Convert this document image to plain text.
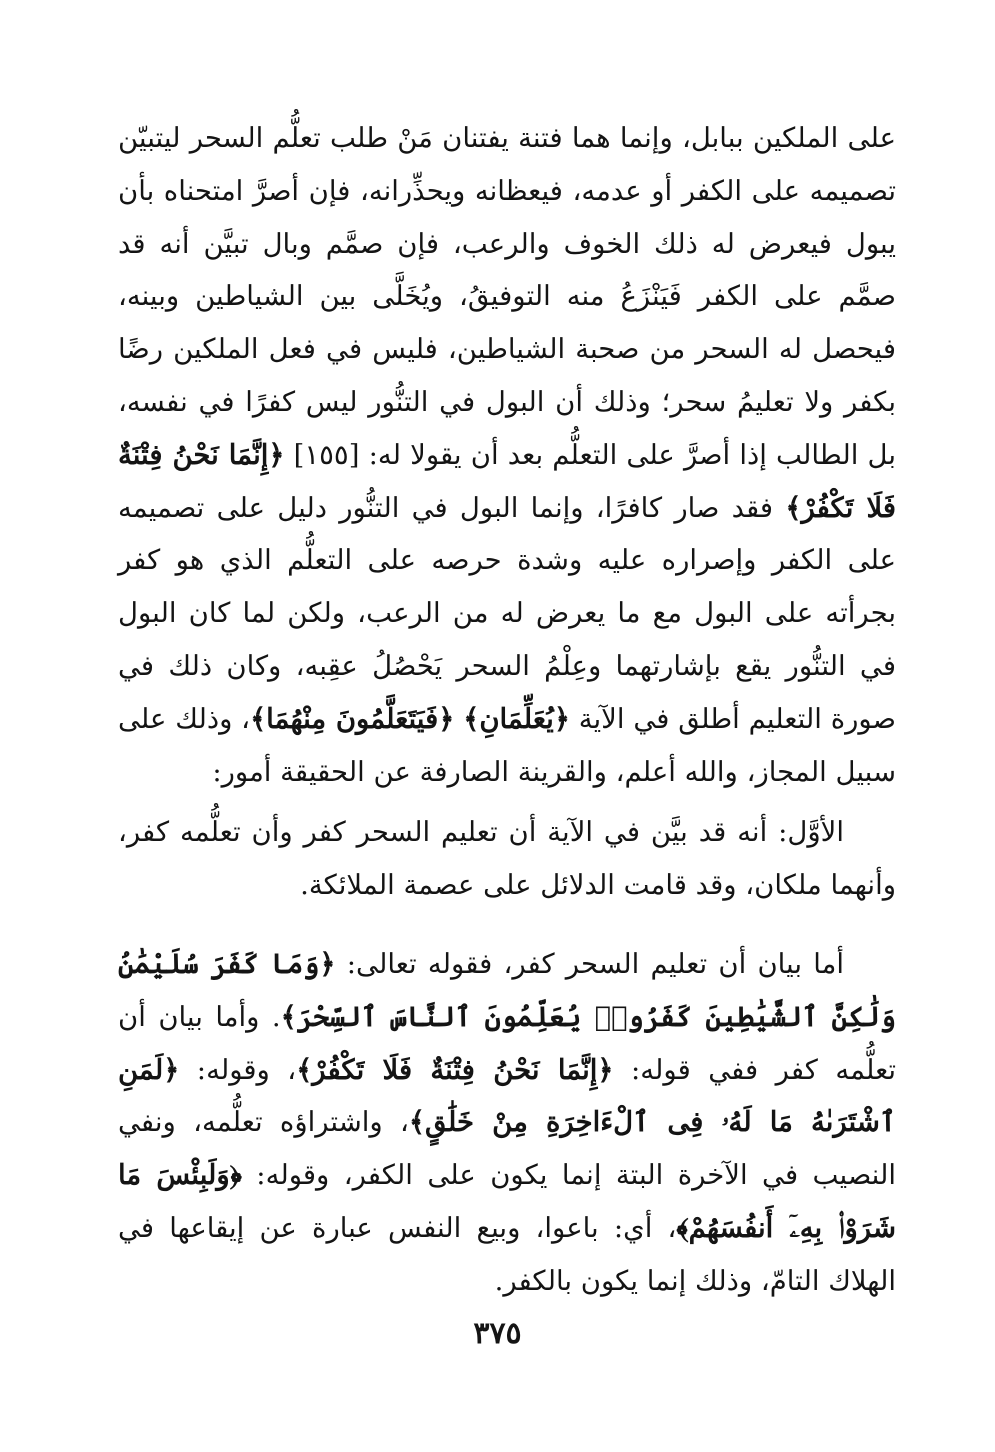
على الملكين ببابل، وإنما هما فتنة يفتنان مَنْ طلب تعلُّم السحر ليتبيّن تصميمه على الكفر أو عدمه، فيعظانه ويحذِّرانه، فإن أصرَّ امتحناه بأن يبول فيعرض له ذلك الخوف والرعب، فإن صمَّم وبال تبيَّن أنه قد صمَّم على الكفر فَيَنْزَعُ منه التوفيقُ، ويُخَلَّى بين الشياطين وبينه، فيحصل له السحر من صحبة الشياطين، فليس في فعل الملكين رضًا بكفر ولا تعليمُ سحر؛ وذلك أن البول في التنُّور ليس كفرًا في نفسه، بل الطالب إذا أصرَّ على التعلُّم بعد أن يقولا له: [١٥٥] ﴿إِنَّمَا نَحْنُ فِتْنَةٌ فَلَا تَكْفُرْ﴾ فقد صار كافرًا، وإنما البول في التنُّور دليل على تصميمه على الكفر وإصراره عليه وشدة حرصه على التعلُّم الذي هو كفر بجرأته على البول مع ما يعرض له من الرعب، ولكن لما كان البول في التنُّور يقع بإشارتهما وعِلْمُ السحر يَحْصُلُ عقِبه، وكان ذلك في صورة التعليم أطلق في الآية ﴿يُعَلِّمَانِ﴾ ﴿فَيَتَعَلَّمُونَ مِنْهُمَا﴾، وذلك على سبيل المجاز، والله أعلم، والقرينة الصارفة عن الحقيقة أمور:

الأوَّل: أنه قد بيَّن في الآية أن تعليم السحر كفر وأن تعلُّمه كفر، وأنهما ملكان، وقد قامت الدلائل على عصمة الملائكة.

أما بيان أن تعليم السحر كفر، فقوله تعالى: ﴿وَمَا كَفَرَ سُلَيْمَٰنُ وَلَٰكِنَّ ٱلشَّيَٰطِينَ كَفَرُوا۟ يُعَلِّمُونَ ٱلنَّاسَ ٱلسِّحْرَ﴾. وأما بيان أن تعلُّمه كفر ففي قوله: ﴿إِنَّمَا نَحْنُ فِتْنَةٌ فَلَا تَكْفُرْ﴾، وقوله: ﴿لَمَنِ ٱشْتَرَىٰهُ مَا لَهُۥ فِى ٱلْءَاخِرَةِ مِنْ خَلَٰقٍ﴾، واشتراؤه تعلُّمه، ونفي النصيب في الآخرة البتة إنما يكون على الكفر، وقوله: ﴿وَلَبِئْسَ مَا شَرَوْا۟ بِهِۦٓ أَنفُسَهُمْ﴾، أي: باعوا، وبيع النفس عبارة عن إيقاعها في الهلاك التامّ، وذلك إنما يكون بالكفر.

٣٧٥
